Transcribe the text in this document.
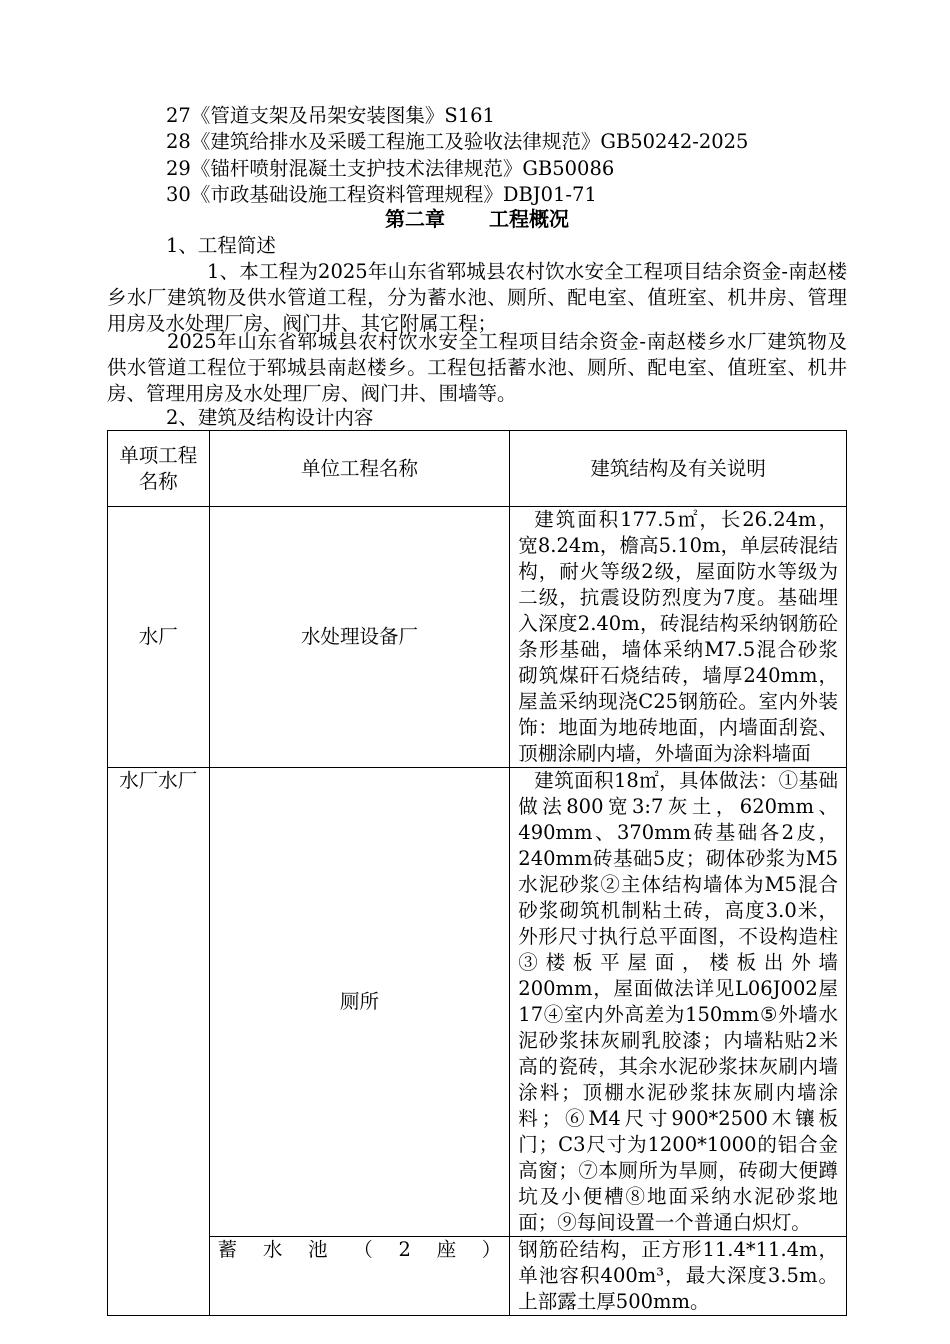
27《管道支架及吊架安装图集》S161
28《建筑给排水及采暖工程施工及验收法律规范》GB50242-2025
29《锚杆喷射混凝土支护技术法律规范》GB50086
30《市政基础设施工程资料管理规程》DBJ01-71
第二章 工程概况
1、工程简述
1、本工程为2025年山东省郓城县农村饮水安全工程项目结余资金-南赵楼乡水厂建筑物及供水管道工程，分为蓄水池、厕所、配电室、值班室、机井房、管理用房及水处理厂房、阀门井、其它附属工程；
2025年山东省郓城县农村饮水安全工程项目结余资金-南赵楼乡水厂建筑物及供水管道工程位于郓城县南赵楼乡。工程包括蓄水池、厕所、配电室、值班室、机井房、管理用房及水处理厂房、阀门井、围墙等。
2、建筑及结构设计内容
单项工程名称	单位工程名称	建筑结构及有关说明
水厂	水处理设备厂	建筑面积177.5㎡，长26.24m，宽8.24m，檐高5.10m，单层砖混结构，耐火等级2级，屋面防水等级为二级，抗震设防烈度为7度。基础埋入深度2.40m，砖混结构采纳钢筋砼条形基础，墙体采纳M7.5混合砂浆砌筑煤矸石烧结砖，墙厚240mm，屋盖采纳现浇C25钢筋砼。室内外装饰：地面为地砖地面，内墙面刮瓷、顶棚涂刷内墙，外墙面为涂料墙面
水厂水厂	厕所	建筑面积18㎡，具体做法：①基础做法800宽3:7灰土，620mm、490mm、370mm砖基础各2皮，240mm砖基础5皮；砌体砂浆为M5水泥砂浆②主体结构墙体为M5混合砂浆砌筑机制粘土砖，高度3.0米，外形尺寸执行总平面图，不设构造柱③楼板平屋面，楼板出外墙200mm，屋面做法详见L06J002屋17④室内外高差为150mm⑤外墙水泥砂浆抹灰刷乳胶漆；内墙粘贴2米高的瓷砖，其余水泥砂浆抹灰刷内墙涂料；顶棚水泥砂浆抹灰刷内墙涂料；⑥M4尺寸900*2500木镶板门；C3尺寸为1200*1000的铝合金高窗；⑦本厕所为旱厕，砖砌大便蹲坑及小便槽⑧地面采纳水泥砂浆地面；⑨每间设置一个普通白炽灯。
	蓄水池（2座）	钢筋砼结构，正方形11.4*11.4m，单池容积400m³，最大深度3.5m。上部露土厚500mm。
